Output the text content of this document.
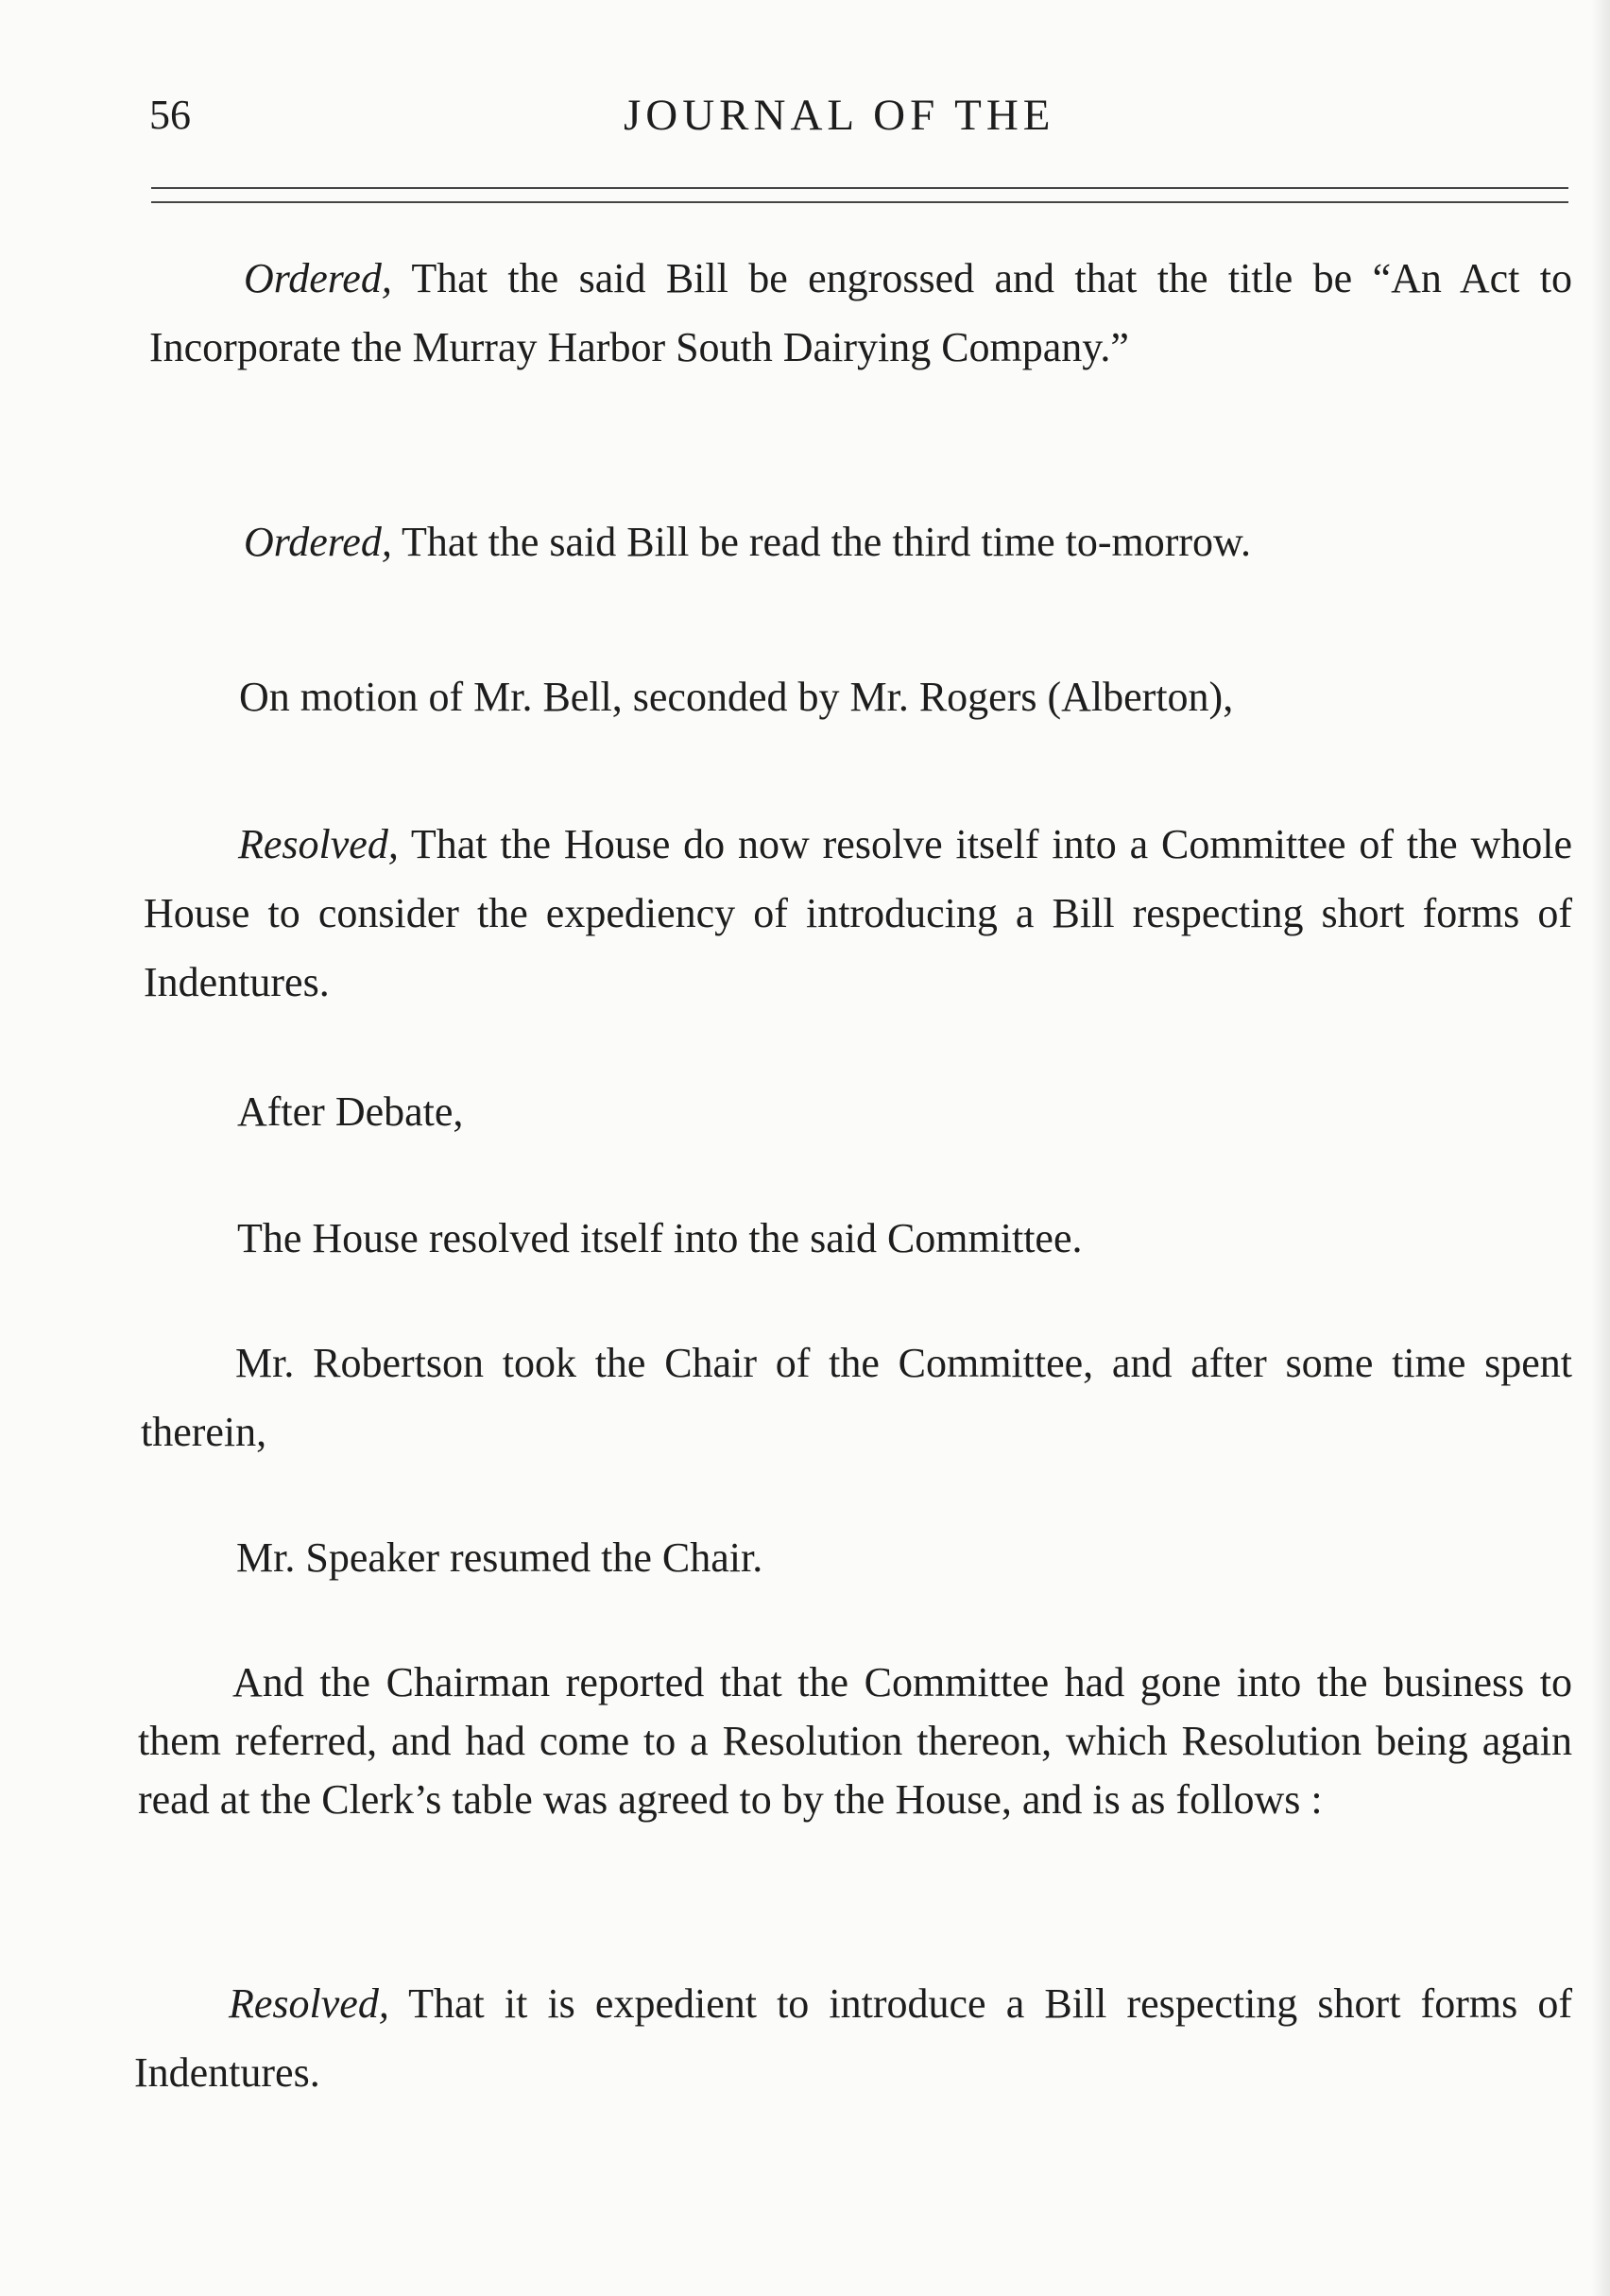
56	JOURNAL OF THE

Ordered, That the said Bill be engrossed and that the title be “An Act to Incorporate the Murray Harbor South Dairying Company.”

Ordered, That the said Bill be read the third time to-morrow.

On motion of Mr. Bell, seconded by Mr. Rogers (Alberton),

Resolved, That the House do now resolve itself into a Committee of the whole House to consider the expediency of introducing a Bill respecting short forms of Indentures.

After Debate,

The House resolved itself into the said Committee.

Mr. Robertson took the Chair of the Committee, and after some time spent therein,

Mr. Speaker resumed the Chair.

And the Chairman reported that the Committee had gone into the business to them referred, and had come to a Resolution thereon, which Resolution being again read at the Clerk’s table was agreed to by the House, and is as follows :

Resolved, That it is expedient to introduce a Bill respecting short forms of Indentures.
